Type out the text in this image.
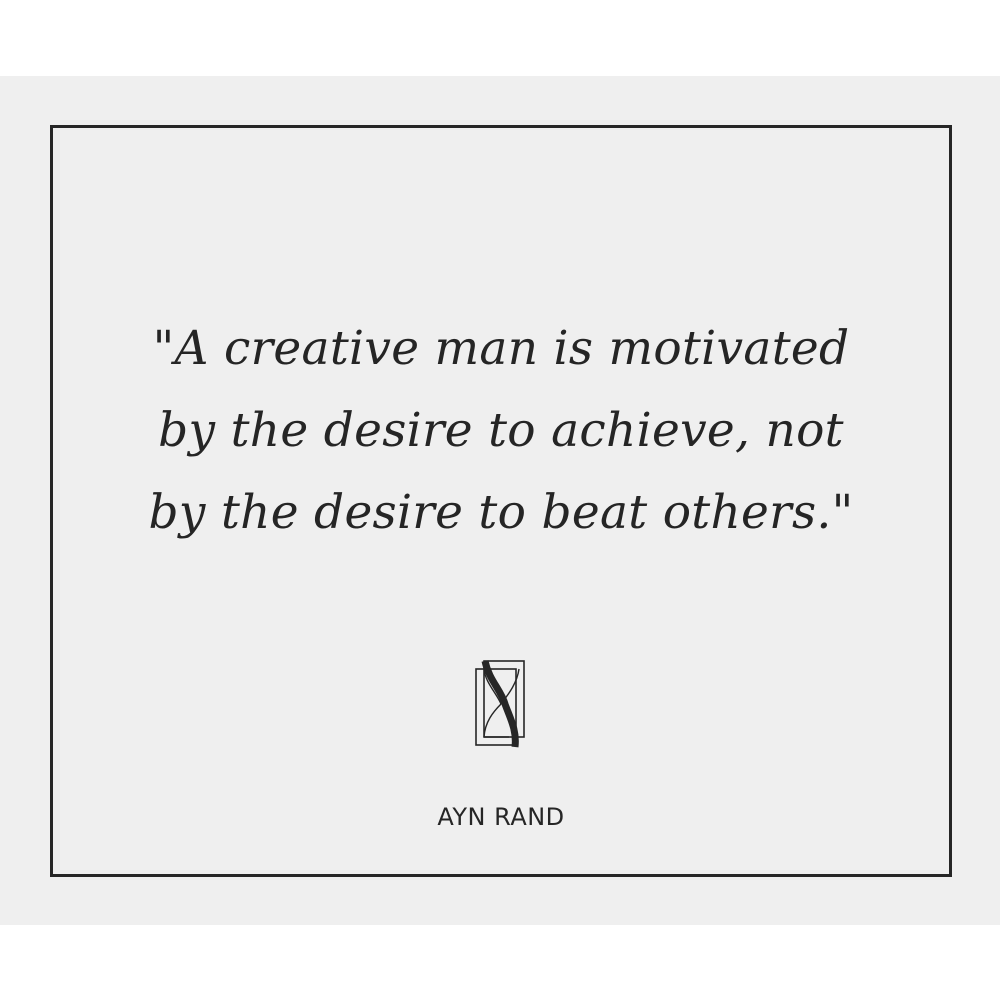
"A creative man is motivated
by the desire to achieve, not
by the desire to beat others."
AYN RAND
